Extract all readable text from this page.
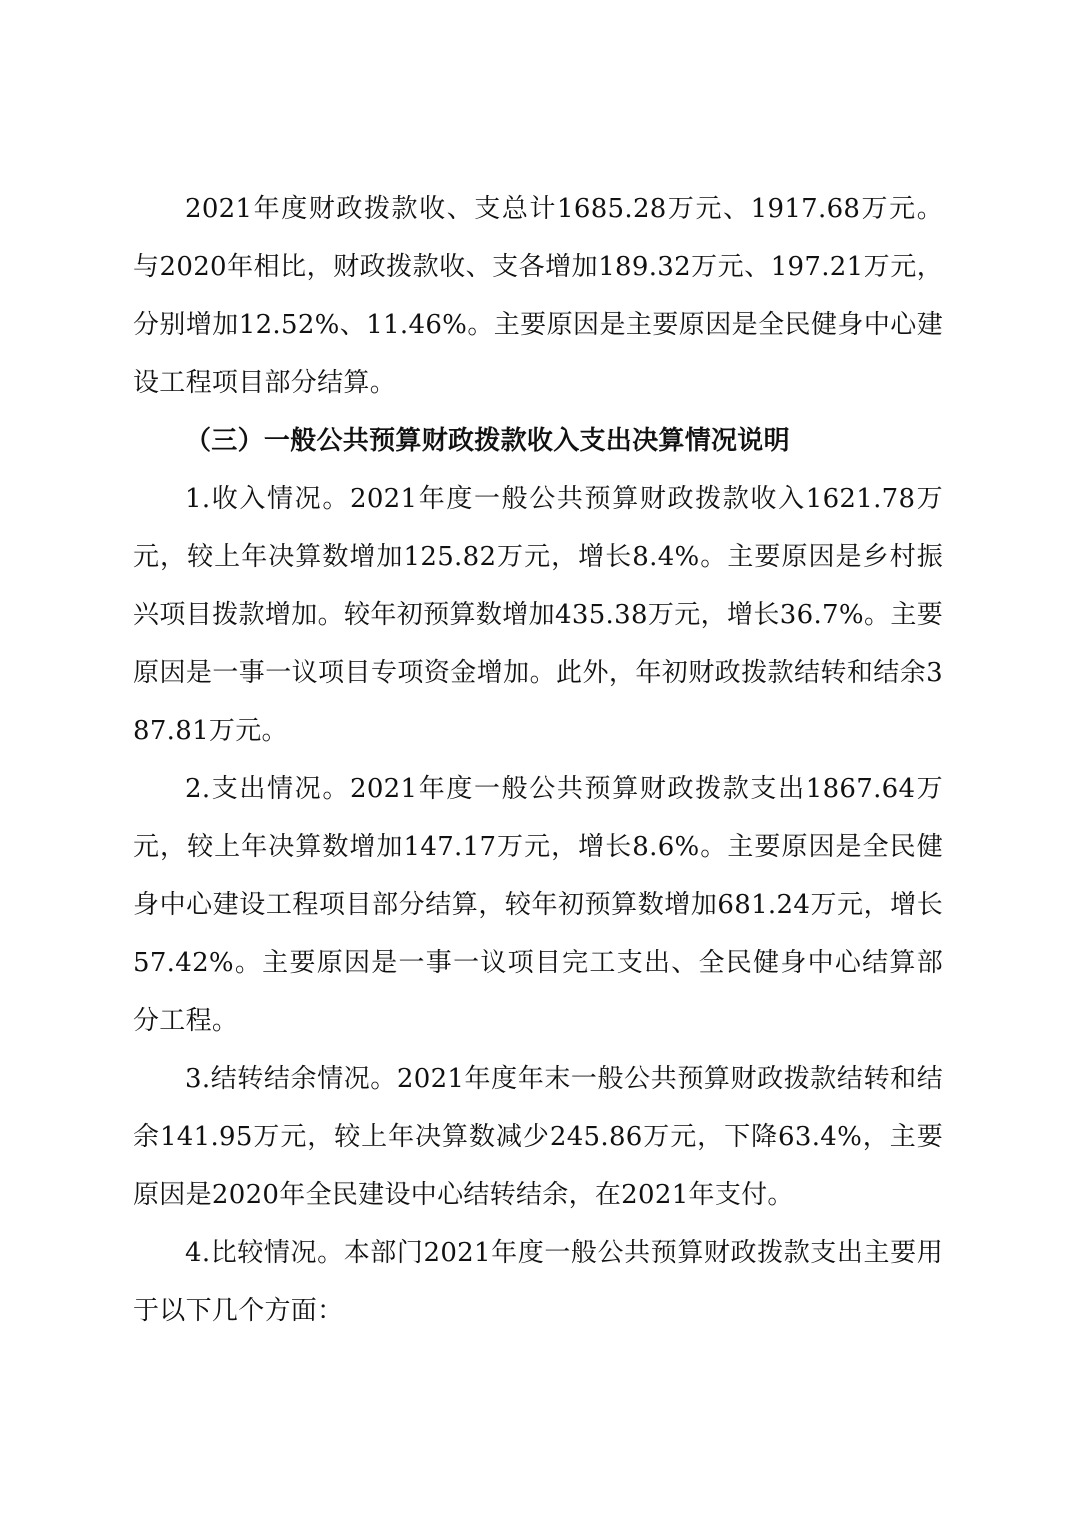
2021年度财政拨款收、支总计1685.28万元、1917.68万元。与2020年相比，财政拨款收、支各增加189.32万元、197.21万元， 分别增加12.52%、11.46%。主要原因是主要原因是全民健身中心建设工程项目部分结算。

（三）一般公共预算财政拨款收入支出决算情况说明

1.收入情况。2021年度一般公共预算财政拨款收入1621.78万元，较上年决算数增加125.82万元，增长8.4%。主要原因是乡村振兴项目拨款增加。较年初预算数增加435.38万元，增长36.7%。主要原因是一事一议项目专项资金增加。此外，年初财政拨款结转和结余387.81万元。

2.支出情况。2021年度一般公共预算财政拨款支出1867.64万元，较上年决算数增加147.17万元，增长8.6%。主要原因是全民健身中心建设工程项目部分结算，较年初预算数增加681.24万元，增长57.42%。主要原因是一事一议项目完工支出、全民健身中心结算部分工程。

3.结转结余情况。2021年度年末一般公共预算财政拨款结转和结余141.95万元，较上年决算数减少245.86万元，下降63.4%，主要原因是2020年全民建设中心结转结余，在2021年支付。

4.比较情况。本部门2021年度一般公共预算财政拨款支出主要用于以下几个方面：
